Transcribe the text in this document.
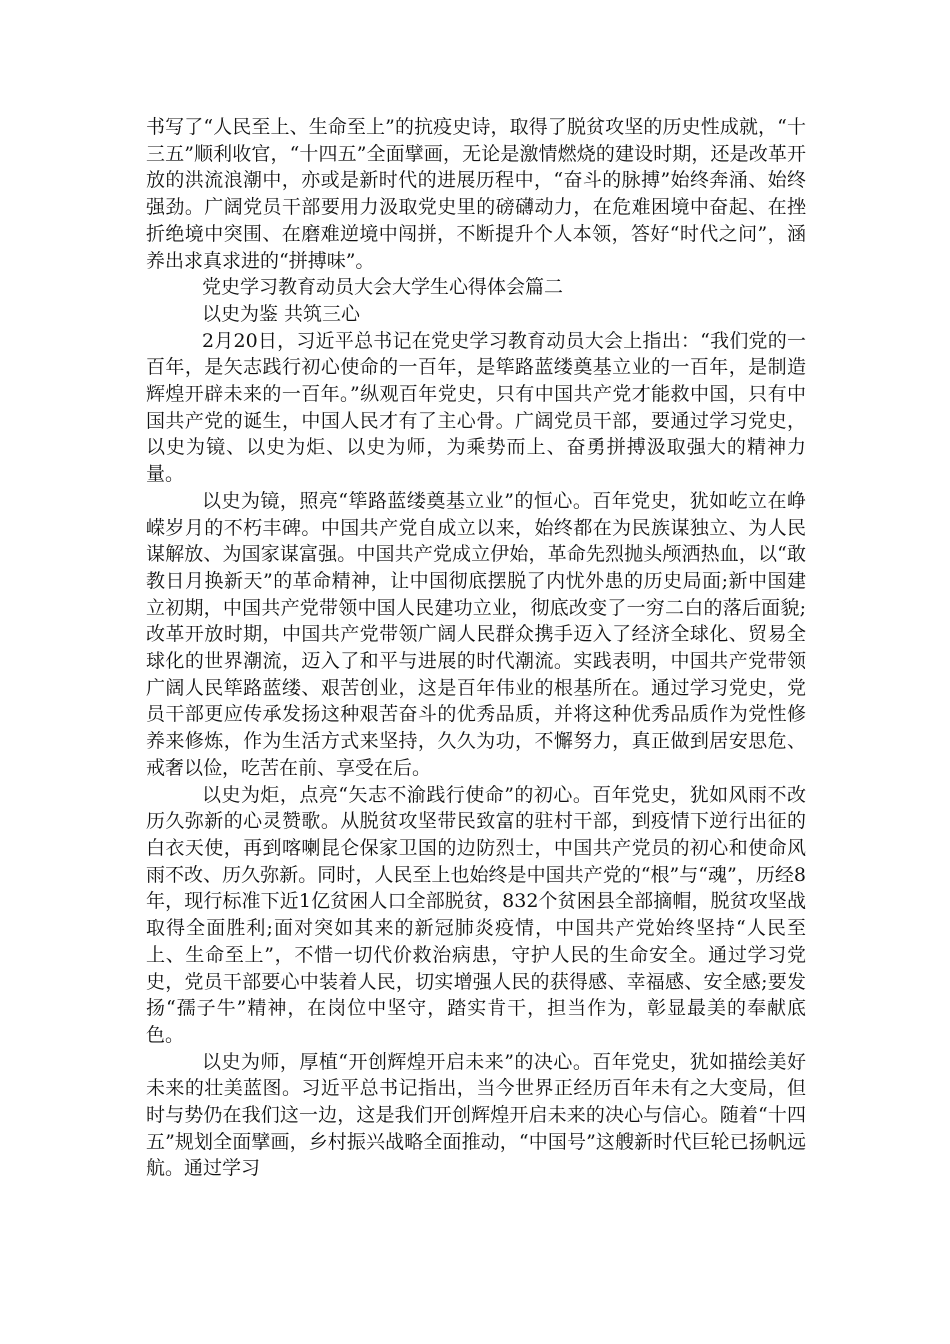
书写了“人民至上、生命至上”的抗疫史诗，取得了脱贫攻坚的历史性成就，“十三五”顺利收官，“十四五”全面擘画，无论是激情燃烧的建设时期，还是改革开放的洪流浪潮中，亦或是新时代的进展历程中，“奋斗的脉搏”始终奔涌、始终强劲。广阔党员干部要用力汲取党史里的磅礴动力，在危难困境中奋起、在挫折绝境中突围、在磨难逆境中闯拼，不断提升个人本领，答好“时代之问”，涵养出求真求进的“拼搏味”。

党史学习教育动员大会大学生心得体会篇二

以史为鉴 共筑三心

2月20日，习近平总书记在党史学习教育动员大会上指出：“我们党的一百年，是矢志践行初心使命的一百年，是筚路蓝缕奠基立业的一百年，是制造辉煌开辟未来的一百年。”纵观百年党史，只有中国共产党才能救中国，只有中国共产党的诞生，中国人民才有了主心骨。广阔党员干部，要通过学习党史，以史为镜、以史为炬、以史为师，为乘势而上、奋勇拼搏汲取强大的精神力量。

以史为镜，照亮“筚路蓝缕奠基立业”的恒心。百年党史，犹如屹立在峥嵘岁月的不朽丰碑。中国共产党自成立以来，始终都在为民族谋独立、为人民谋解放、为国家谋富强。中国共产党成立伊始，革命先烈抛头颅洒热血，以“敢教日月换新天”的革命精神，让中国彻底摆脱了内忧外患的历史局面;新中国建立初期，中国共产党带领中国人民建功立业，彻底改变了一穷二白的落后面貌;改革开放时期，中国共产党带领广阔人民群众携手迈入了经济全球化、贸易全球化的世界潮流，迈入了和平与进展的时代潮流。实践表明，中国共产党带领广阔人民筚路蓝缕、艰苦创业，这是百年伟业的根基所在。通过学习党史，党员干部更应传承发扬这种艰苦奋斗的优秀品质，并将这种优秀品质作为党性修养来修炼，作为生活方式来坚持，久久为功，不懈努力，真正做到居安思危、戒奢以俭，吃苦在前、享受在后。

以史为炬，点亮“矢志不渝践行使命”的初心。百年党史，犹如风雨不改历久弥新的心灵赞歌。从脱贫攻坚带民致富的驻村干部，到疫情下逆行出征的白衣天使，再到喀喇昆仑保家卫国的边防烈士，中国共产党员的初心和使命风雨不改、历久弥新。同时，人民至上也始终是中国共产党的“根”与“魂”，历经8年，现行标准下近1亿贫困人口全部脱贫，832个贫困县全部摘帽，脱贫攻坚战取得全面胜利;面对突如其来的新冠肺炎疫情，中国共产党始终坚持“人民至上、生命至上”，不惜一切代价救治病患，守护人民的生命安全。通过学习党史，党员干部要心中装着人民，切实增强人民的获得感、幸福感、安全感;要发扬“孺子牛”精神，在岗位中坚守，踏实肯干，担当作为，彰显最美的奉献底色。

以史为师，厚植“开创辉煌开启未来”的决心。百年党史，犹如描绘美好未来的壮美蓝图。习近平总书记指出，当今世界正经历百年未有之大变局，但时与势仍在我们这一边，这是我们开创辉煌开启未来的决心与信心。随着“十四五”规划全面擘画，乡村振兴战略全面推动，“中国号”这艘新时代巨轮已扬帆远航。通过学习
